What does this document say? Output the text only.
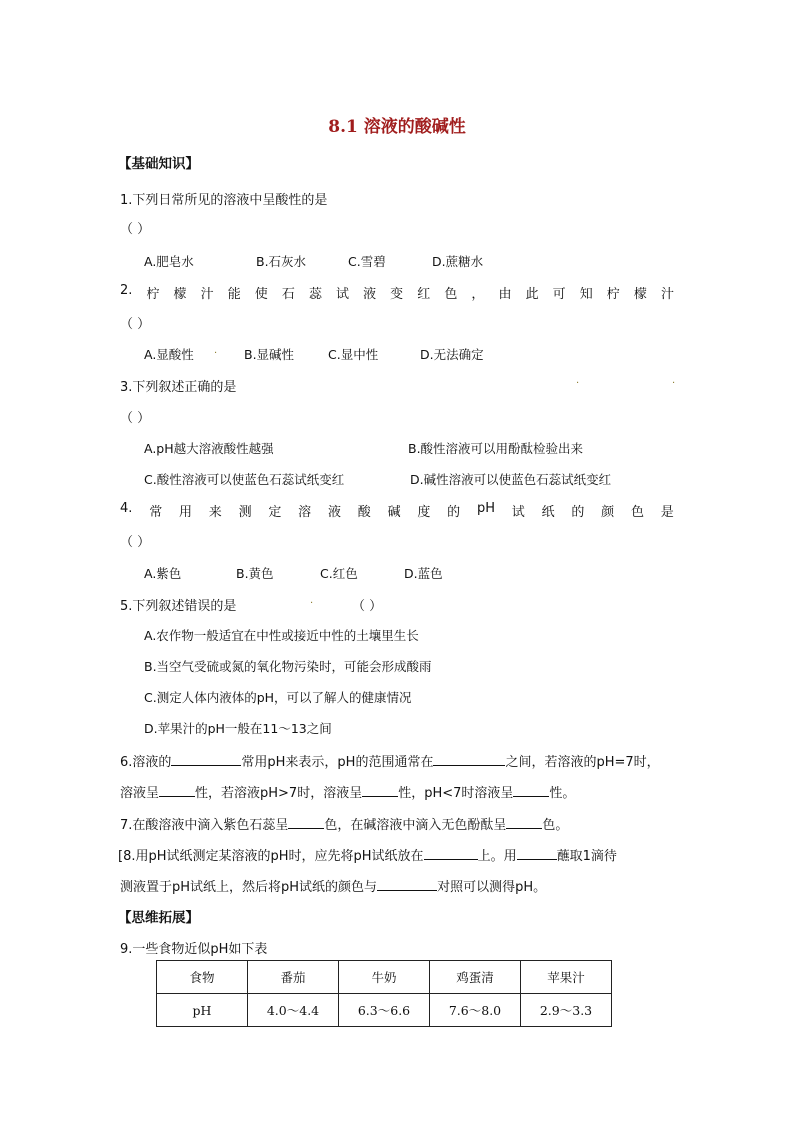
8.1 溶液的酸碱性
【基础知识】
1.下列日常所见的溶液中呈酸性的是
（ ）
A.肥皂水	B.石灰水	C.雪碧	D.蔗糖水
2. 柠 檬 汁 能 使 石 蕊 试 液 变 红 色 ， 由 此 可 知 柠 檬 汁
（ ）
A.显酸性 · B.显碱性	C.显中性	D.无法确定
3.下列叙述正确的是	·	·
（ ）
A.pH越大溶液酸性越强	B.酸性溶液可以用酚酞检验出来
C.酸性溶液可以使蓝色石蕊试纸变红	D.碱性溶液可以使蓝色石蕊试纸变红
4. 常 用 来 测 定 溶 液 酸 碱 度 的 pH 试 纸 的 颜 色 是
（ ）
A.紫色	B.黄色	C.红色	D.蓝色
5.下列叙述错误的是	·	（ ）
A.农作物一般适宜在中性或接近中性的土壤里生长
B.当空气受硫或氮的氧化物污染时，可能会形成酸雨
C.测定人体内液体的pH，可以了解人的健康情况
D.苹果汁的pH一般在11～13之间
6.溶液的	常用pH来表示，pH的范围通常在	之间，若溶液的pH=7时，
溶液呈	性，若溶液pH>7时，溶液呈	性，pH<7时溶液呈	性。
7.在酸溶液中滴入紫色石蕊呈	色，在碱溶液中滴入无色酚酞呈	色。
[8.用pH试纸测定某溶液的pH时，应先将pH试纸放在	上。用	蘸取1滴待
测液置于pH试纸上，然后将pH试纸的颜色与	对照可以测得pH。
【思维拓展】
9.一些食物近似pH如下表
食物	番茄	牛奶	鸡蛋清	苹果汁
pH	4.0～4.4	6.3～6.6	7.6～8.0	2.9～3.3
